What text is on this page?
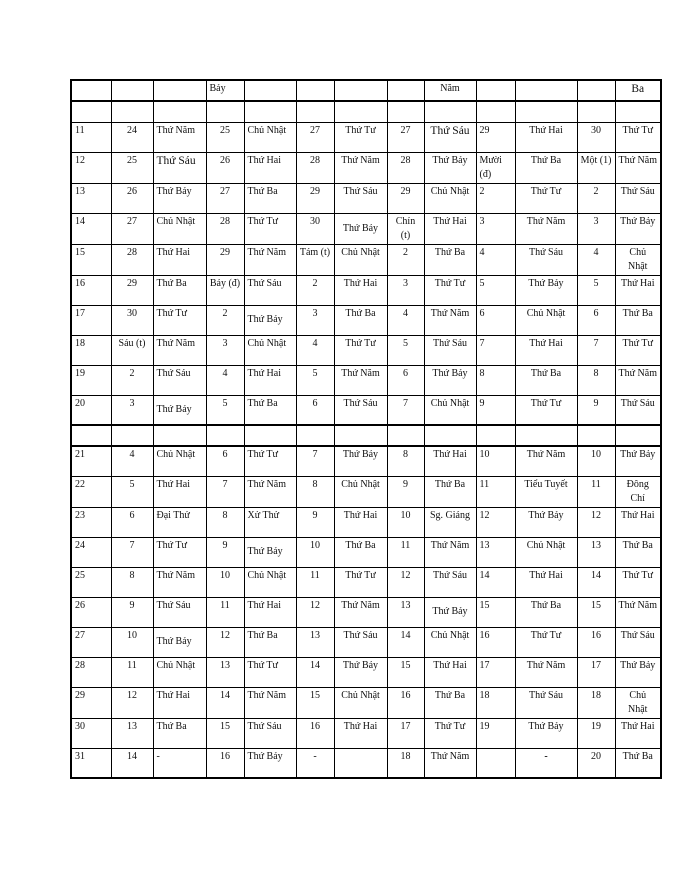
			Bảy					Năm				Ba

11	24	Thứ Năm	25	Chủ Nhật	27	Thứ Tư	27	Thứ Sáu	29	Thứ Hai	30	Thứ Tư
12	25	Thứ Sáu	26	Thứ Hai	28	Thứ Năm	28	Thứ Bảy	Mười (đ)	Thứ Ba	Một (1)	Thứ Năm
13	26	Thứ Bảy	27	Thứ Ba	29	Thứ Sáu	29	Chủ Nhật	2	Thứ Tư	2	Thứ Sáu
14	27	Chủ Nhật	28	Thứ Tư	30	Thứ Bảy	Chín (t)	Thứ Hai	3	Thứ Năm	3	Thứ Bảy
15	28	Thứ Hai	29	Thứ Năm	Tám (t)	Chủ Nhật	2	Thứ Ba	4	Thứ Sáu	4	Chủ Nhật
16	29	Thứ Ba	Bảy (đ)	Thứ Sáu	2	Thứ Hai	3	Thứ Tư	5	Thứ Bảy	5	Thứ Hai
17	30	Thứ Tư	2	Thứ Bảy	3	Thứ Ba	4	Thứ Năm	6	Chủ Nhật	6	Thứ Ba
18	Sáu (t)	Thứ Năm	3	Chủ Nhật	4	Thứ Tư	5	Thứ Sáu	7	Thứ Hai	7	Thứ Tư
19	2	Thứ Sáu	4	Thứ Hai	5	Thứ Năm	6	Thứ Bảy	8	Thứ Ba	8	Thứ Năm
20	3	Thứ Bảy	5	Thứ Ba	6	Thứ Sáu	7	Chủ Nhật	9	Thứ Tư	9	Thứ Sáu

21	4	Chủ Nhật	6	Thứ Tư	7	Thứ Bảy	8	Thứ Hai	10	Thứ Năm	10	Thứ Bảy
22	5	Thứ Hai	7	Thứ Năm	8	Chủ Nhật	9	Thứ Ba	11	Tiểu Tuyết	11	Đông Chí
23	6	Đại Thử	8	Xử Thử	9	Thứ Hai	10	Sg. Giáng	12	Thứ Bảy	12	Thứ Hai
24	7	Thứ Tư	9	Thứ Bảy	10	Thứ Ba	11	Thứ Năm	13	Chủ Nhật	13	Thứ Ba
25	8	Thứ Năm	10	Chủ Nhật	11	Thứ Tư	12	Thứ Sáu	14	Thứ Hai	14	Thứ Tư
26	9	Thứ Sáu	11	Thứ Hai	12	Thứ Năm	13	Thứ Bảy	15	Thứ Ba	15	Thứ Năm
27	10	Thứ Bảy	12	Thứ Ba	13	Thứ Sáu	14	Chủ Nhật	16	Thứ Tư	16	Thứ Sáu
28	11	Chủ Nhật	13	Thứ Tư	14	Thứ Bảy	15	Thứ Hai	17	Thứ Năm	17	Thứ Bảy
29	12	Thứ Hai	14	Thứ Năm	15	Chủ Nhật	16	Thứ Ba	18	Thứ Sáu	18	Chủ Nhật
30	13	Thứ Ba	15	Thứ Sáu	16	Thứ Hai	17	Thứ Tư	19	Thứ Bảy	19	Thứ Hai
31	14	-	16	Thứ Bảy	-		18	Thứ Năm		-	20	Thứ Ba
